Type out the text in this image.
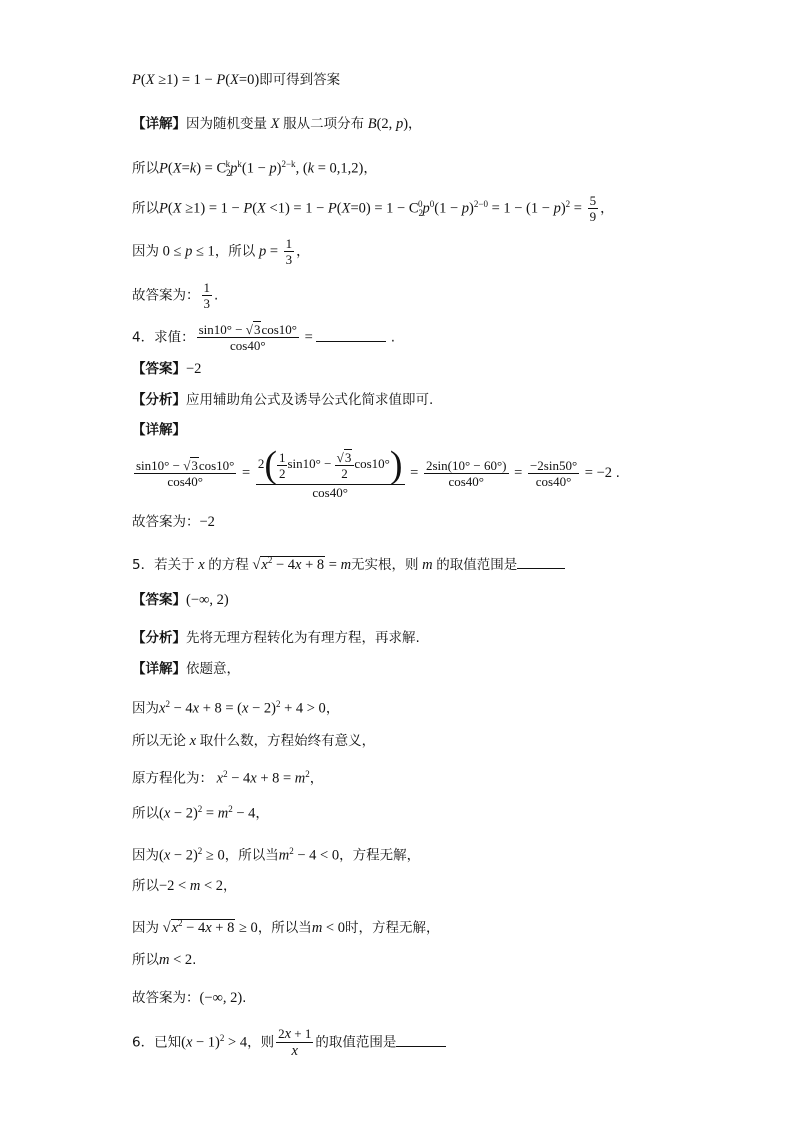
P(X ≥1) = 1 − P(X=0)即可得到答案
【详解】因为随机变量 X 服从二项分布 B(2, p)，
所以$P(X=k) = C_2^kp^k(1 - p)^{2-k}$, (k = 0,1,2)，
所以$P(X \ge 1) = 1 - P(X <1) = 1 - P(X=0) = 1 - C_2^0p^0(1 - p)^{2-0} = 1 - (1 - p)^2 = \frac{5}{9}$ ，
因为 0 ≤ p ≤ 1，所以 $p = \frac{1}{3}$ ，
故答案为： $\frac{1}{3}$ .
4．求值： $\frac{\sin 10^\circ - √3\cos 10^\circ}{\cos 40^\circ}$ =	.
【答案】−2
【分析】应用辅助角公式及诱导公式化简求值即可.
【详解】
$\frac{\sin 10^\circ - √3\cos 10^\circ}{\cos 40^\circ} = \frac{2( \frac{1}{2} \sin 10^\circ - \frac{√3}{2} \cos 10^\circ)}{\cos 40^\circ} = \frac{2\sin(10^\circ - 60^\circ)}{\cos 40^\circ} = \frac{-2\sin 50^\circ}{\cos 40^\circ} = -2$ .
故答案为：−2
5．若关于 x 的方程 $√x^2 - 4x + 8 = m$无实根，则 m 的取值范围是
【答案】(−∞, 2)
【分析】先将无理方程转化为有理方程，再求解.
【详解】依题意，
因为$x^2 - 4x + 8 = (x - 2)^2 + 4 > 0$，
所以无论 x 取什么数，方程始终有意义，
原方程化为： $x^2 - 4x + 8 = m^2$，
所以$(x - 2)^2 = m^2 - 4$，
因为$(x - 2)^2 \ge 0$，所以当$m^2 - 4 < 0$，方程无解，
所以−2 < m < 2，
因为 $√x^2 - 4x + 8 \ge 0$，所以当m < 0时，方程无解，
所以m < 2.
故答案为：(−∞, 2).
6．已知$(x - 1)^2 > 4$，则 $\frac{2x + 1}{x}$ 的取值范围是
